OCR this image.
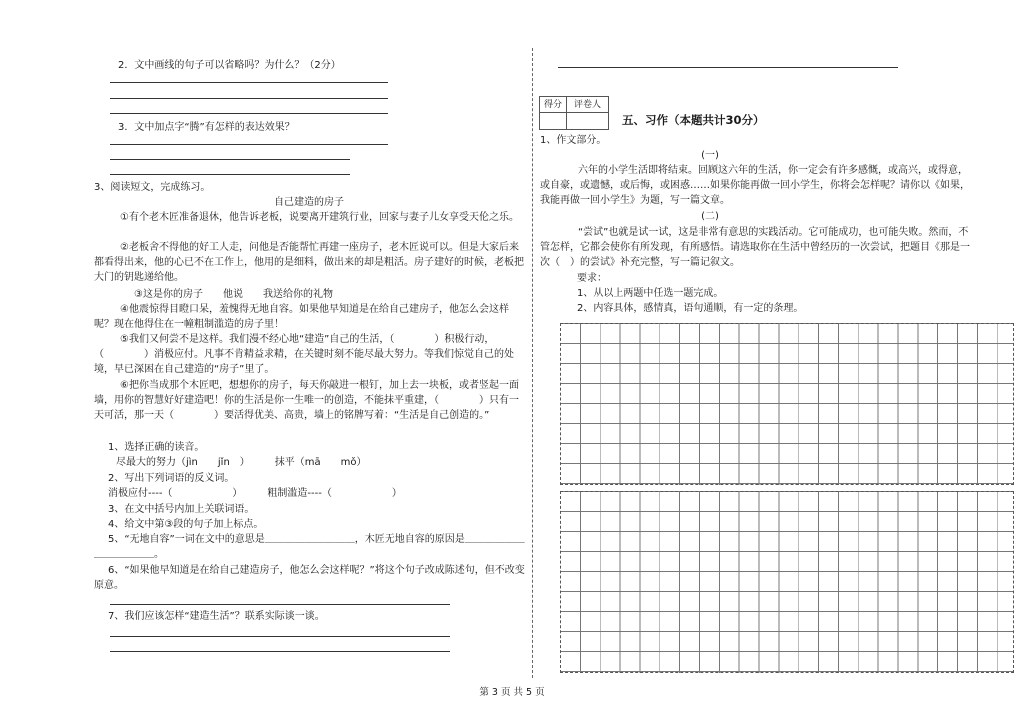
2．文中画线的句子可以省略吗？为什么？（2分）
3．文中加点字“腾”有怎样的表达效果？
3、阅读短文，完成练习。
自己建造的房子
①有个老木匠准备退休，他告诉老板，说要离开建筑行业，回家与妻子儿女享受天伦之乐。
②老板舍不得他的好工人走，问他是否能帮忙再建一座房子，老木匠说可以。但是大家后来都看得出来，他的心已不在工作上，他用的是细料，做出来的却是粗活。房子建好的时候，老板把大门的钥匙递给他。
③这是你的房子　　他说　　我送给你的礼物
④他震惊得目瞪口呆，羞愧得无地自容。如果他早知道是在给自己建房子，他怎么会这样呢？现在他得住在一幢粗制滥造的房子里！
⑤我们又何尝不是这样。我们漫不经心地“建造”自己的生活，（　　　　）积极行动，（　　　　）消极应付。凡事不肯精益求精，在关键时刻不能尽最大努力。等我们惊觉自己的处境，早已深困在自己建造的“房子”里了。
⑥把你当成那个木匠吧，想想你的房子，每天你敲进一根钉，加上去一块板，或者竖起一面墙，用你的智慧好好建造吧！你的生活是你一生唯一的创造，不能抹平重建，（　　　　）只有一天可活，那一天（　　　　）要活得优美、高贵，墙上的铭牌写着：“生活是自己创造的。”
1、选择正确的读音。
尽最大的努力（jìn　　jǐn　）　　　抹平（mā　　mǒ）
2、写出下列词语的反义词。
消极应付----（　　　　　　）　　　粗制滥造----（　　　　　　）
3、在文中括号内加上关联词语。
4、给文中第③段的句子加上标点。
5、“无地自容”一词在文中的意思是＿＿＿＿＿＿＿＿＿，木匠无地自容的原因是＿＿＿＿＿＿＿＿＿＿＿＿。
6、“如果他早知道是在给自己建造房子，他怎么会这样呢？”将这个句子改成陈述句，但不改变原意。
7、我们应该怎样“建造生活”？联系实际谈一谈。
得分	评卷人
五、习作（本题共计30分）
1、作文部分。
(一)
六年的小学生活即将结束。回顾这六年的生活，你一定会有许多感慨，或高兴，或得意，或自豪，或遗憾，或后悔，或困惑……如果你能再做一回小学生，你将会怎样呢？请你以《如果，我能再做一回小学生》为题，写一篇文章。
(二)
“尝试”也就是试一试，这是非常有意思的实践活动。它可能成功，也可能失败。然而，不管怎样，它都会使你有所发现，有所感悟。请选取你在生活中曾经历的一次尝试，把题目《那是一次（　）的尝试》补充完整，写一篇记叙文。
要求：
1、从以上两题中任选一题完成。
2、内容具体，感情真，语句通顺，有一定的条理。
第 3 页 共 5 页
